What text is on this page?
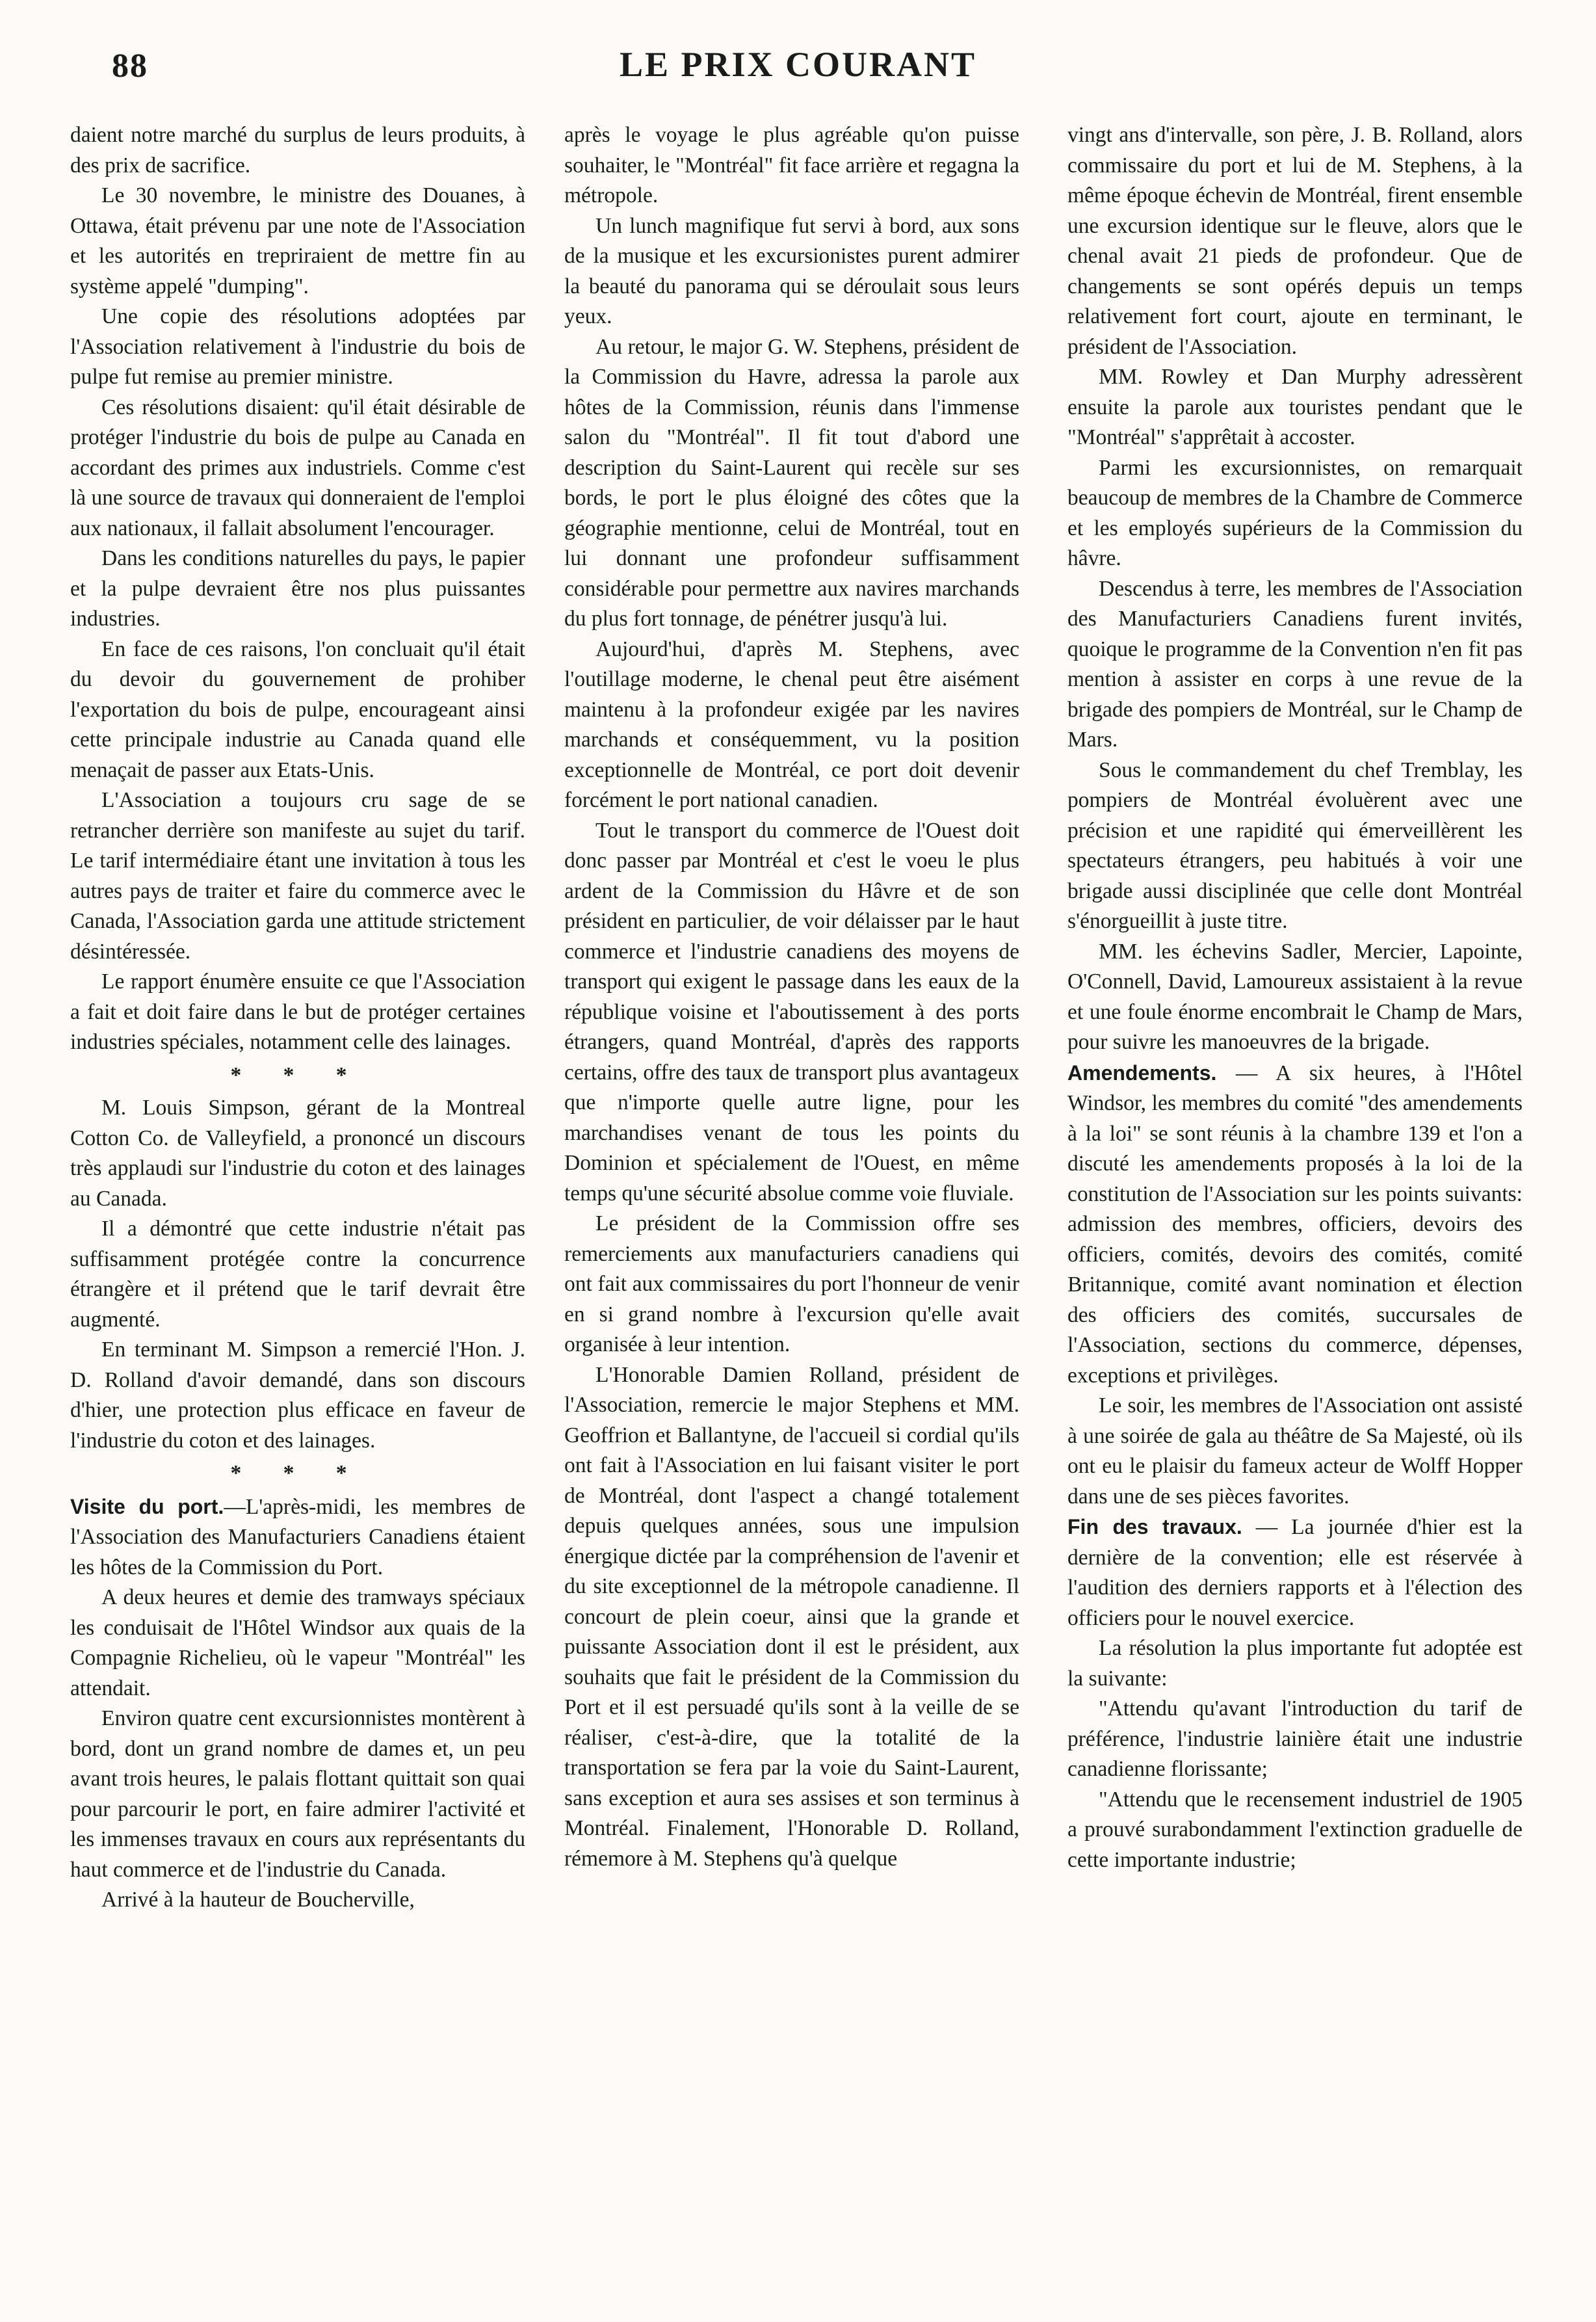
88	LE PRIX COURANT

daient notre marché du surplus de leurs produits, à des prix de sacrifice.

Le 30 novembre, le ministre des Douanes, à Ottawa, était prévenu par une note de l'Association et les autorités en trepriraient de mettre fin au système appelé "dumping".

Une copie des résolutions adoptées par l'Association relativement à l'industrie du bois de pulpe fut remise au premier ministre.

Ces résolutions disaient: qu'il était désirable de protéger l'industrie du bois de pulpe au Canada en accordant des primes aux industriels. Comme c'est là une source de travaux qui donneraient de l'emploi aux nationaux, il fallait absolument l'encourager.

Dans les conditions naturelles du pays, le papier et la pulpe devraient être nos plus puissantes industries.

En face de ces raisons, l'on concluait qu'il était du devoir du gouvernement de prohiber l'exportation du bois de pulpe, encourageant ainsi cette principale industrie au Canada quand elle menaçait de passer aux Etats-Unis.

L'Association a toujours cru sage de se retrancher derrière son manifeste au sujet du tarif. Le tarif intermédiaire étant une invitation à tous les autres pays de traiter et faire du commerce avec le Canada, l'Association garda une attitude strictement désintéressée.

Le rapport énumère ensuite ce que l'Association a fait et doit faire dans le but de protéger certaines industries spéciales, notamment celle des lainages.

* * *

M. Louis Simpson, gérant de la Montreal Cotton Co. de Valleyfield, a prononcé un discours très applaudi sur l'industrie du coton et des lainages au Canada.

Il a démontré que cette industrie n'était pas suffisamment protégée contre la concurrence étrangère et il prétend que le tarif devrait être augmenté.

En terminant M. Simpson a remercié l'Hon. J. D. Rolland d'avoir demandé, dans son discours d'hier, une protection plus efficace en faveur de l'industrie du coton et des lainages.

* * *

Visite du port.—L'après-midi, les membres de l'Association des Manufacturiers Canadiens étaient les hôtes de la Commission du Port.

A deux heures et demie des tramways spéciaux les conduisait de l'Hôtel Windsor aux quais de la Compagnie Richelieu, où le vapeur "Montréal" les attendait.

Environ quatre cent excursionnistes montèrent à bord, dont un grand nombre de dames et, un peu avant trois heures, le palais flottant quittait son quai pour parcourir le port, en faire admirer l'activité et les immenses travaux en cours aux représentants du haut commerce et de l'industrie du Canada.

Arrivé à la hauteur de Boucherville,

après le voyage le plus agréable qu'on puisse souhaiter, le "Montréal" fit face arrière et regagna la métropole.

Un lunch magnifique fut servi à bord, aux sons de la musique et les excursionistes purent admirer la beauté du panorama qui se déroulait sous leurs yeux.

Au retour, le major G. W. Stephens, président de la Commission du Havre, adressa la parole aux hôtes de la Commission, réunis dans l'immense salon du "Montréal". Il fit tout d'abord une description du Saint-Laurent qui recèle sur ses bords, le port le plus éloigné des côtes que la géographie mentionne, celui de Montréal, tout en lui donnant une profondeur suffisamment considérable pour permettre aux navires marchands du plus fort tonnage, de pénétrer jusqu'à lui.

Aujourd'hui, d'après M. Stephens, avec l'outillage moderne, le chenal peut être aisément maintenu à la profondeur exigée par les navires marchands et conséquemment, vu la position exceptionnelle de Montréal, ce port doit devenir forcément le port national canadien.

Tout le transport du commerce de l'Ouest doit donc passer par Montréal et c'est le voeu le plus ardent de la Commission du Hâvre et de son président en particulier, de voir délaisser par le haut commerce et l'industrie canadiens des moyens de transport qui exigent le passage dans les eaux de la république voisine et l'aboutissement à des ports étrangers, quand Montréal, d'après des rapports certains, offre des taux de transport plus avantageux que n'importe quelle autre ligne, pour les marchandises venant de tous les points du Dominion et spécialement de l'Ouest, en même temps qu'une sécurité absolue comme voie fluviale.

Le président de la Commission offre ses remerciements aux manufacturiers canadiens qui ont fait aux commissaires du port l'honneur de venir en si grand nombre à l'excursion qu'elle avait organisée à leur intention.

L'Honorable Damien Rolland, président de l'Association, remercie le major Stephens et MM. Geoffrion et Ballantyne, de l'accueil si cordial qu'ils ont fait à l'Association en lui faisant visiter le port de Montréal, dont l'aspect a changé totalement depuis quelques années, sous une impulsion énergique dictée par la compréhension de l'avenir et du site exceptionnel de la métropole canadienne. Il concourt de plein coeur, ainsi que la grande et puissante Association dont il est le président, aux souhaits que fait le président de la Commission du Port et il est persuadé qu'ils sont à la veille de se réaliser, c'est-à-dire, que la totalité de la transportation se fera par la voie du Saint-Laurent, sans exception et aura ses assises et son terminus à Montréal. Finalement, l'Honorable D. Rolland, rémemore à M. Stephens qu'à quelque

vingt ans d'intervalle, son père, J. B. Rolland, alors commissaire du port et lui de M. Stephens, à la même époque échevin de Montréal, firent ensemble une excursion identique sur le fleuve, alors que le chenal avait 21 pieds de profondeur. Que de changements se sont opérés depuis un temps relativement fort court, ajoute en terminant, le président de l'Association.

MM. Rowley et Dan Murphy adressèrent ensuite la parole aux touristes pendant que le "Montréal" s'apprêtait à accoster.

Parmi les excursionnistes, on remarquait beaucoup de membres de la Chambre de Commerce et les employés supérieurs de la Commission du hâvre.

Descendus à terre, les membres de l'Association des Manufacturiers Canadiens furent invités, quoique le programme de la Convention n'en fit pas mention à assister en corps à une revue de la brigade des pompiers de Montréal, sur le Champ de Mars.

Sous le commandement du chef Tremblay, les pompiers de Montréal évoluèrent avec une précision et une rapidité qui émerveillèrent les spectateurs étrangers, peu habitués à voir une brigade aussi disciplinée que celle dont Montréal s'énorgueillit à juste titre.

MM. les échevins Sadler, Mercier, Lapointe, O'Connell, David, Lamoureux assistaient à la revue et une foule énorme encombrait le Champ de Mars, pour suivre les manoeuvres de la brigade.

Amendements. — A six heures, à l'Hôtel Windsor, les membres du comité "des amendements à la loi" se sont réunis à la chambre 139 et l'on a discuté les amendements proposés à la loi de la constitution de l'Association sur les points suivants: admission des membres, officiers, devoirs des officiers, comités, devoirs des comités, comité Britannique, comité avant nomination et élection des officiers des comités, succursales de l'Association, sections du commerce, dépenses, exceptions et privilèges.

Le soir, les membres de l'Association ont assisté à une soirée de gala au théâtre de Sa Majesté, où ils ont eu le plaisir du fameux acteur de Wolff Hopper dans une de ses pièces favorites.

Fin des travaux. — La journée d'hier est la dernière de la convention; elle est réservée à l'audition des derniers rapports et à l'élection des officiers pour le nouvel exercice.

La résolution la plus importante fut adoptée est la suivante:

"Attendu qu'avant l'introduction du tarif de préférence, l'industrie lainière était une industrie canadienne florissante;

"Attendu que le recensement industriel de 1905 a prouvé surabondamment l'extinction graduelle de cette importante industrie;
